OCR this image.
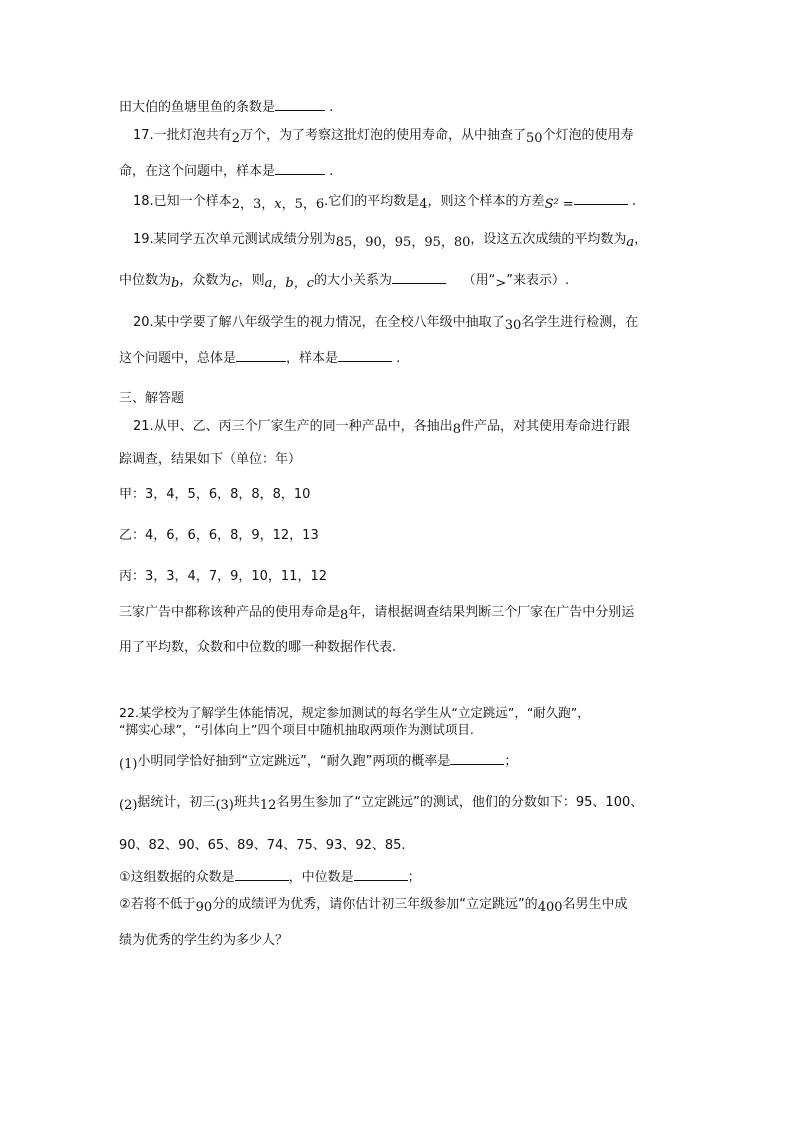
田大伯的鱼塘里鱼的条数是	.
17.一批灯泡共有2万个，为了考察这批灯泡的使用寿命，从中抽查了50个灯泡的使用寿
命，在这个问题中，样本是	.
18.已知一个样本2，3，x，5，6.它们的平均数是4，则这个样本的方差S² =	.
19.某同学五次单元测试成绩分别为85，90，95，95，80，设这五次成绩的平均数为a，
中位数为b，众数为c，则a，b，c的大小关系为	（用“>”来表示）.
20.某中学要了解八年级学生的视力情况，在全校八年级中抽取了30名学生进行检测，在
这个问题中，总体是	，样本是	.
三、解答题
21.从甲、乙、丙三个厂家生产的同一种产品中，各抽出8件产品，对其使用寿命进行跟
踪调查，结果如下（单位：年）
甲：3，4，5，6，8，8，8，10
乙：4，6，6，6，8，9，12，13
丙：3，3，4，7，9，10，11，12
三家广告中都称该种产品的使用寿命是8年，请根据调查结果判断三个厂家在广告中分别运
用了平均数，众数和中位数的哪一种数据作代表.
22.某学校为了解学生体能情况，规定参加测试的每名学生从“立定跳远”，“耐久跑”，
“掷实心球”，“引体向上”四个项目中随机抽取两项作为测试项目.
(1)小明同学恰好抽到“立定跳远”，“耐久跑”两项的概率是	；
(2)据统计，初三(3)班共12名男生参加了“立定跳远”的测试，他们的分数如下：95、100、
90、82、90、65、89、74、75、93、92、85.
①这组数据的众数是	，中位数是	；
②若将不低于90分的成绩评为优秀，请你估计初三年级参加“立定跳远”的400名男生中成
绩为优秀的学生约为多少人？
